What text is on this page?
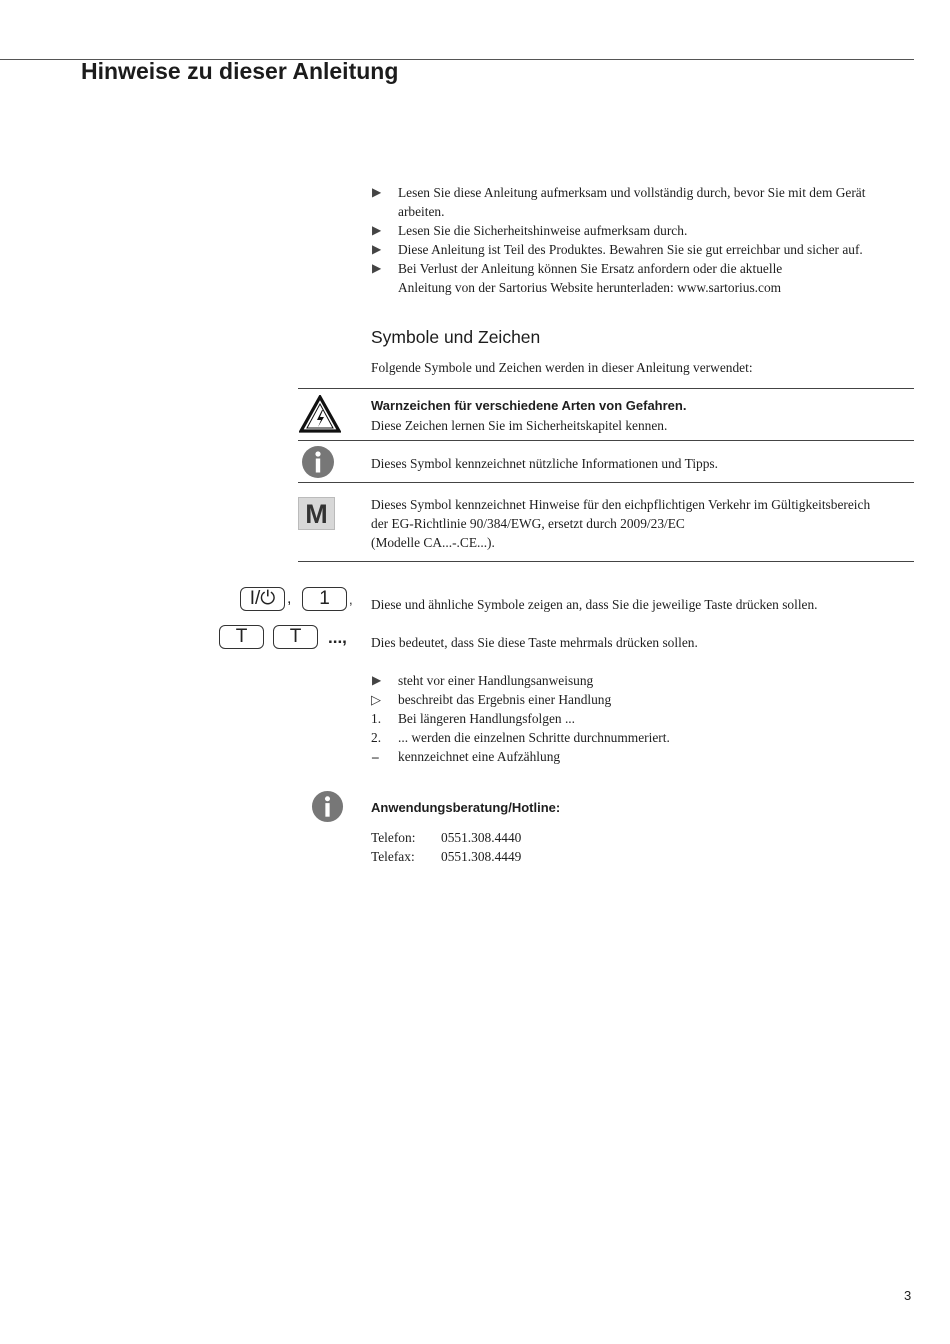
Hinweise zu dieser Anleitung
▶	Lesen Sie diese Anleitung aufmerksam und vollständig durch, bevor Sie mit dem Gerät
arbeiten.
▶	Lesen Sie die Sicherheitshinweise aufmerksam durch.
▶	Diese Anleitung ist Teil des Produktes. Bewahren Sie sie gut erreichbar und sicher auf.
▶	Bei Verlust der Anleitung können Sie Ersatz anfordern oder die aktuelle
Anleitung von der Sartorius Website herunterladen: www.sartorius.com
Symbole und Zeichen
Folgende Symbole und Zeichen werden in dieser Anleitung verwendet:
Warnzeichen für verschiedene Arten von Gefahren.
Diese Zeichen lernen Sie im Sicherheitskapitel kennen.
Dieses Symbol kennzeichnet nützliche Informationen und Tipps.
M	Dieses Symbol kennzeichnet Hinweise für den eichpflichtigen Verkehr im Gültigkeitsbereich
der EG-Richtlinie 90/384/EWG, ersetzt durch 2009/23/EC
(Modelle CA...-.CE...).
I/⏻ ,	1	, Diese und ähnliche Symbole zeigen an, dass Sie die jeweilige Taste drücken sollen.
T	T	..., Dies bedeutet, dass Sie diese Taste mehrmals drücken sollen.
▶ steht vor einer Handlungsanweisung
▷ beschreibt das Ergebnis einer Handlung
1. Bei längeren Handlungsfolgen ...
2. ... werden die einzelnen Schritte durchnummeriert.
– kennzeichnet eine Aufzählung
Anwendungsberatung/Hotline:
Telefon: 0551.308.4440
Telefax: 0551.308.4449
3
